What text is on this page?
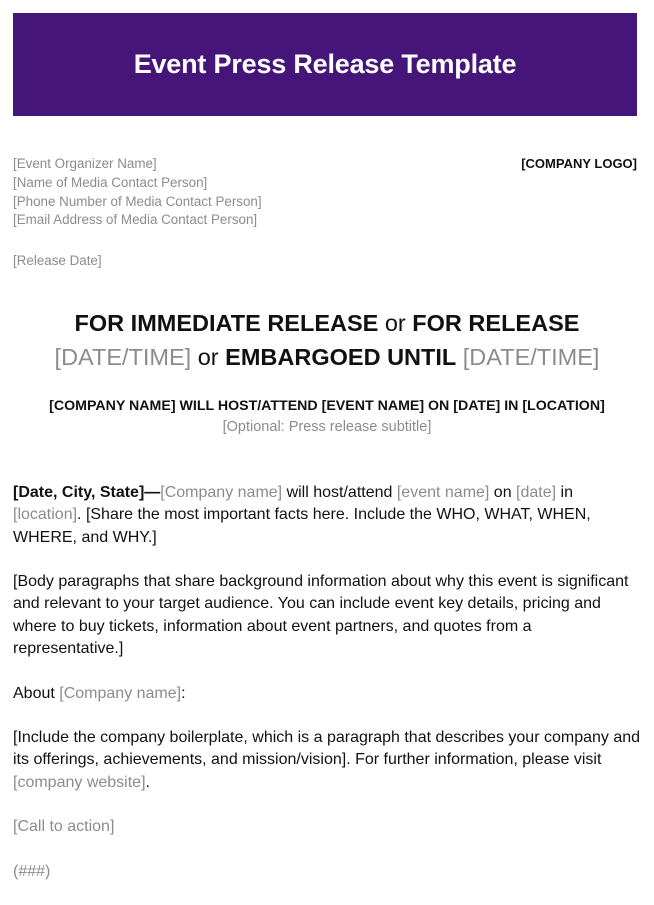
Event Press Release Template
[Event Organizer Name]
[Name of Media Contact Person]
[Phone Number of Media Contact Person]
[Email Address of Media Contact Person]
[COMPANY LOGO]
[Release Date]
FOR IMMEDIATE RELEASE or FOR RELEASE
[DATE/TIME] or EMBARGOED UNTIL [DATE/TIME]
[COMPANY NAME] WILL HOST/ATTEND [EVENT NAME] ON [DATE] IN [LOCATION]
[Optional: Press release subtitle]
[Date, City, State]—[Company name] will host/attend [event name] on [date] in [location]. [Share the most important facts here. Include the WHO, WHAT, WHEN, WHERE, and WHY.]
[Body paragraphs that share background information about why this event is significant and relevant to your target audience. You can include event key details, pricing and where to buy tickets, information about event partners, and quotes from a representative.]
About [Company name]:
[Include the company boilerplate, which is a paragraph that describes your company and its offerings, achievements, and mission/vision]. For further information, please visit [company website].
[Call to action]
(###)
